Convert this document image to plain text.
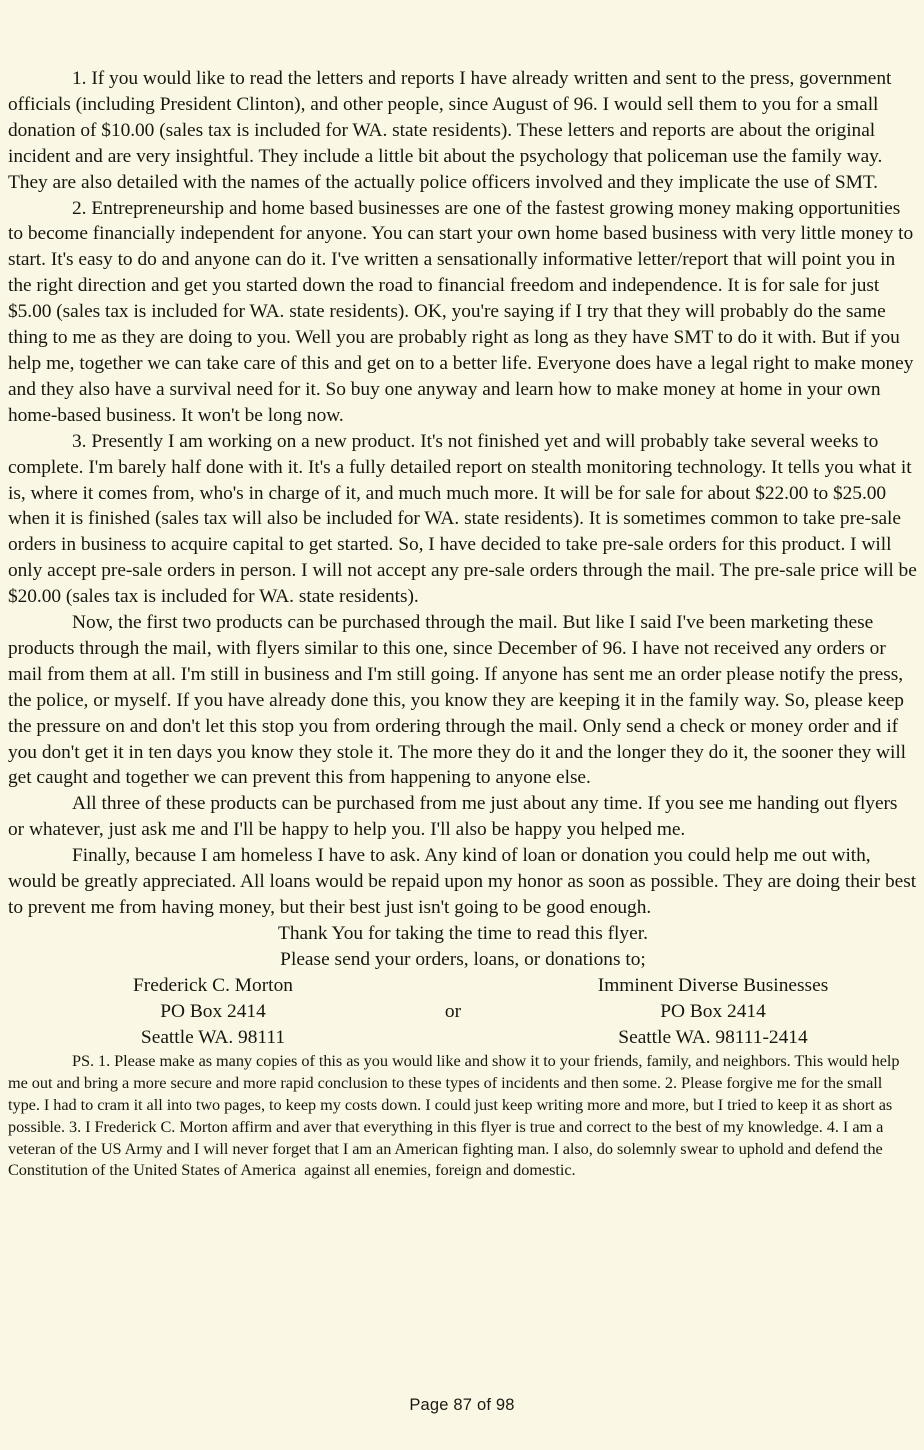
1. If you would like to read the letters and reports I have already written and sent to the press, government officials (including President Clinton), and other people, since August of 96. I would sell them to you for a small donation of $10.00 (sales tax is included for WA. state residents). These letters and reports are about the original incident and are very insightful. They include a little bit about the psychology that policeman use the family way. They are also detailed with the names of the actually police officers involved and they implicate the use of SMT.

2. Entrepreneurship and home based businesses are one of the fastest growing money making opportunities to become financially independent for anyone. You can start your own home based business with very little money to start. It's easy to do and anyone can do it. I've written a sensationally informative letter/report that will point you in the right direction and get you started down the road to financial freedom and independence. It is for sale for just $5.00 (sales tax is included for WA. state residents). OK, you're saying if I try that they will probably do the same thing to me as they are doing to you. Well you are probably right as long as they have SMT to do it with. But if you help me, together we can take care of this and get on to a better life. Everyone does have a legal right to make money and they also have a survival need for it. So buy one anyway and learn how to make money at home in your own home-based business. It won't be long now.

3. Presently I am working on a new product. It's not finished yet and will probably take several weeks to complete. I'm barely half done with it. It's a fully detailed report on stealth monitoring technology. It tells you what it is, where it comes from, who's in charge of it, and much much more. It will be for sale for about $22.00 to $25.00 when it is finished (sales tax will also be included for WA. state residents). It is sometimes common to take pre-sale orders in business to acquire capital to get started. So, I have decided to take pre-sale orders for this product. I will only accept pre-sale orders in person. I will not accept any pre-sale orders through the mail. The pre-sale price will be $20.00 (sales tax is included for WA. state residents).

Now, the first two products can be purchased through the mail. But like I said I've been marketing these products through the mail, with flyers similar to this one, since December of 96. I have not received any orders or mail from them at all. I'm still in business and I'm still going. If anyone has sent me an order please notify the press, the police, or myself. If you have already done this, you know they are keeping it in the family way. So, please keep the pressure on and don't let this stop you from ordering through the mail. Only send a check or money order and if you don't get it in ten days you know they stole it. The more they do it and the longer they do it, the sooner they will get caught and together we can prevent this from happening to anyone else.

All three of these products can be purchased from me just about any time. If you see me handing out flyers or whatever, just ask me and I'll be happy to help you. I'll also be happy you helped me.

Finally, because I am homeless I have to ask. Any kind of loan or donation you could help me out with, would be greatly appreciated. All loans would be repaid upon my honor as soon as possible. They are doing their best to prevent me from having money, but their best just isn't going to be good enough.

Thank You for taking the time to read this flyer.

Please send your orders, loans, or donations to;

Frederick C. Morton	Imminent Diverse Businesses
PO Box 2414	or	PO Box 2414
Seattle WA. 98111	Seattle WA. 98111-2414

PS. 1. Please make as many copies of this as you would like and show it to your friends, family, and neighbors. This would help me out and bring a more secure and more rapid conclusion to these types of incidents and then some. 2. Please forgive me for the small type. I had to cram it all into two pages, to keep my costs down. I could just keep writing more and more, but I tried to keep it as short as possible. 3. I Frederick C. Morton affirm and aver that everything in this flyer is true and correct to the best of my knowledge. 4. I am a veteran of the US Army and I will never forget that I am an American fighting man. I also, do solemnly swear to uphold and defend the Constitution of the United States of America  against all enemies, foreign and domestic.

Page 87 of 98
